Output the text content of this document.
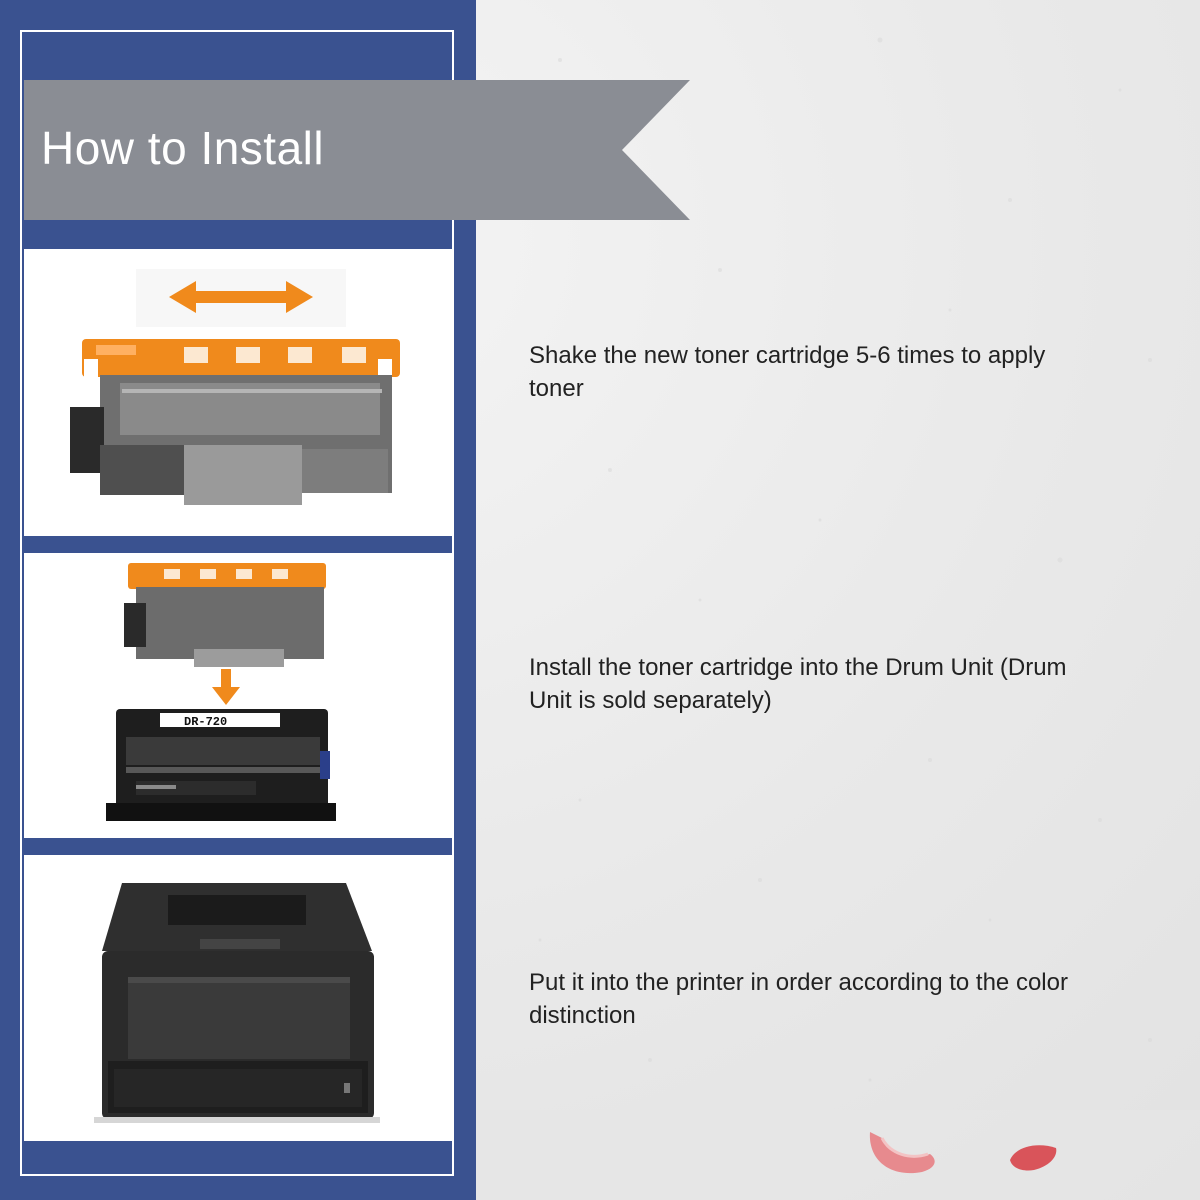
DR-720
How to Install

Shake the new toner cartridge 5-6 times to apply toner

Install the toner cartridge into the Drum Unit (Drum Unit is sold separately)

Put it into the printer in order according to the color distinction
